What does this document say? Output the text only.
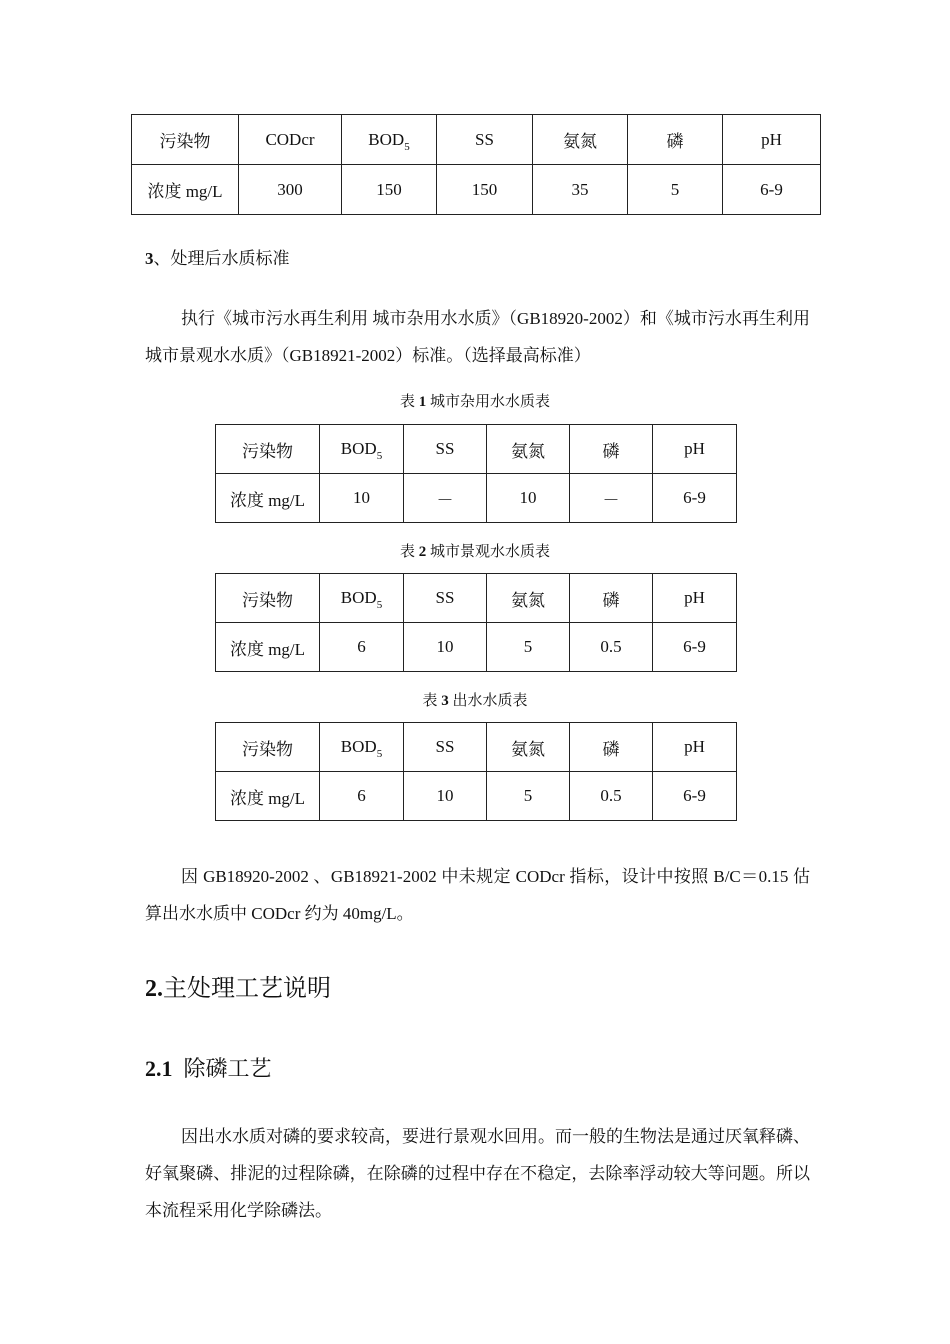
污染物	CODcr	$BOD_5$	SS	氨氮	磷	pH
浓度 mg/L	300	150	150	35	5	6-9
3、处理后水质标准
执行《城市污水再生利用 城市杂用水水质》（GB18920-2002）和《城市污水再生利用 城市景观水水质》（GB18921-2002）标准。（选择最高标准）
表 1 城市杂用水水质表
污染物	$BOD_5$	SS	氨氮	磷	pH
浓度 mg/L	10	－	10	－	6-9
表 2 城市景观水水质表
污染物	$BOD_5$	SS	氨氮	磷	pH
浓度 mg/L	6	10	5	0.5	6-9
表 3 出水水质表
污染物	$BOD_5$	SS	氨氮	磷	pH
浓度 mg/L	6	10	5	0.5	6-9
因 GB18920-2002 、GB18921-2002 中未规定 CODcr 指标，设计中按照 B/C＝0.15 估算出水水质中 CODcr 约为 40mg/L。
2.主处理工艺说明
2.1 除磷工艺
因出水水质对磷的要求较高，要进行景观水回用。而一般的生物法是通过厌氧释磷、好氧聚磷、排泥的过程除磷，在除磷的过程中存在不稳定，去除率浮动较大等问题。所以本流程采用化学除磷法。
